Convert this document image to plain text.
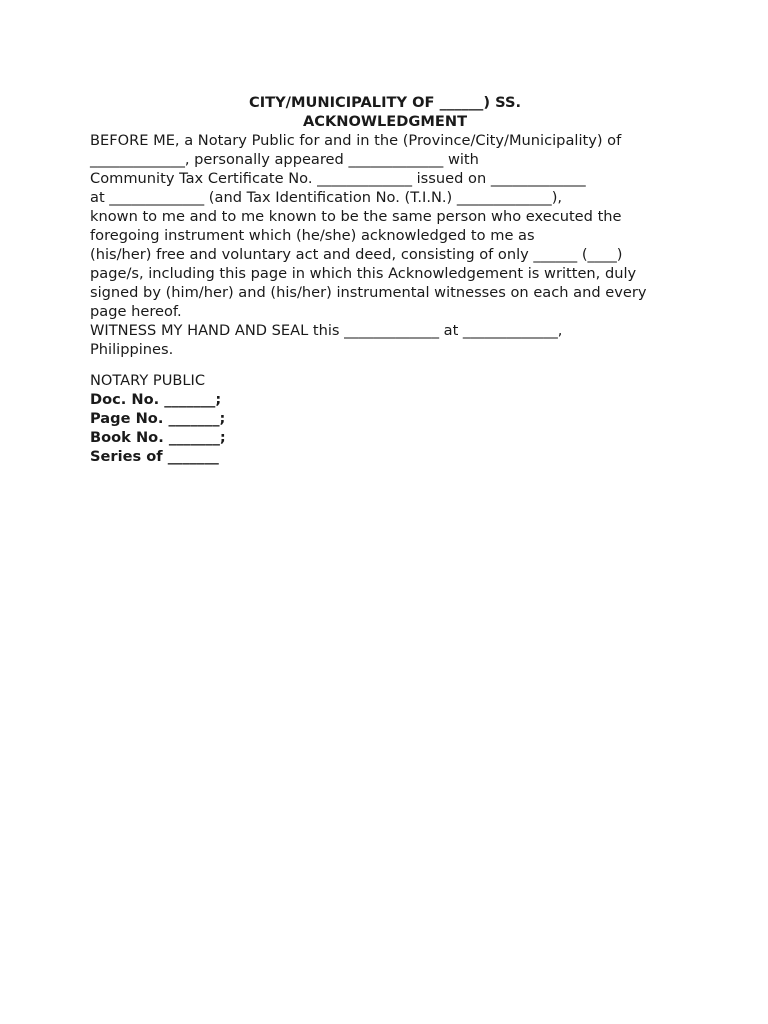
CITY/MUNICIPALITY OF ______) SS.
ACKNOWLEDGMENT
BEFORE ME, a Notary Public for and in the (Province/City/Municipality) of
_____________, personally appeared _____________ with
Community Tax Certificate No. _____________ issued on _____________
at _____________ (and Tax Identification No. (T.I.N.) _____________),
known to me and to me known to be the same person who executed the
foregoing instrument which (he/she) acknowledged to me as
(his/her) free and voluntary act and deed, consisting of only ______ (____)
page/s, including this page in which this Acknowledgement is written, duly
signed by (him/her) and (his/her) instrumental witnesses on each and every
page hereof.
WITNESS MY HAND AND SEAL this _____________ at _____________,
Philippines.
NOTARY PUBLIC
Doc. No. _______;
Page No. _______;
Book No. _______;
Series of _______
